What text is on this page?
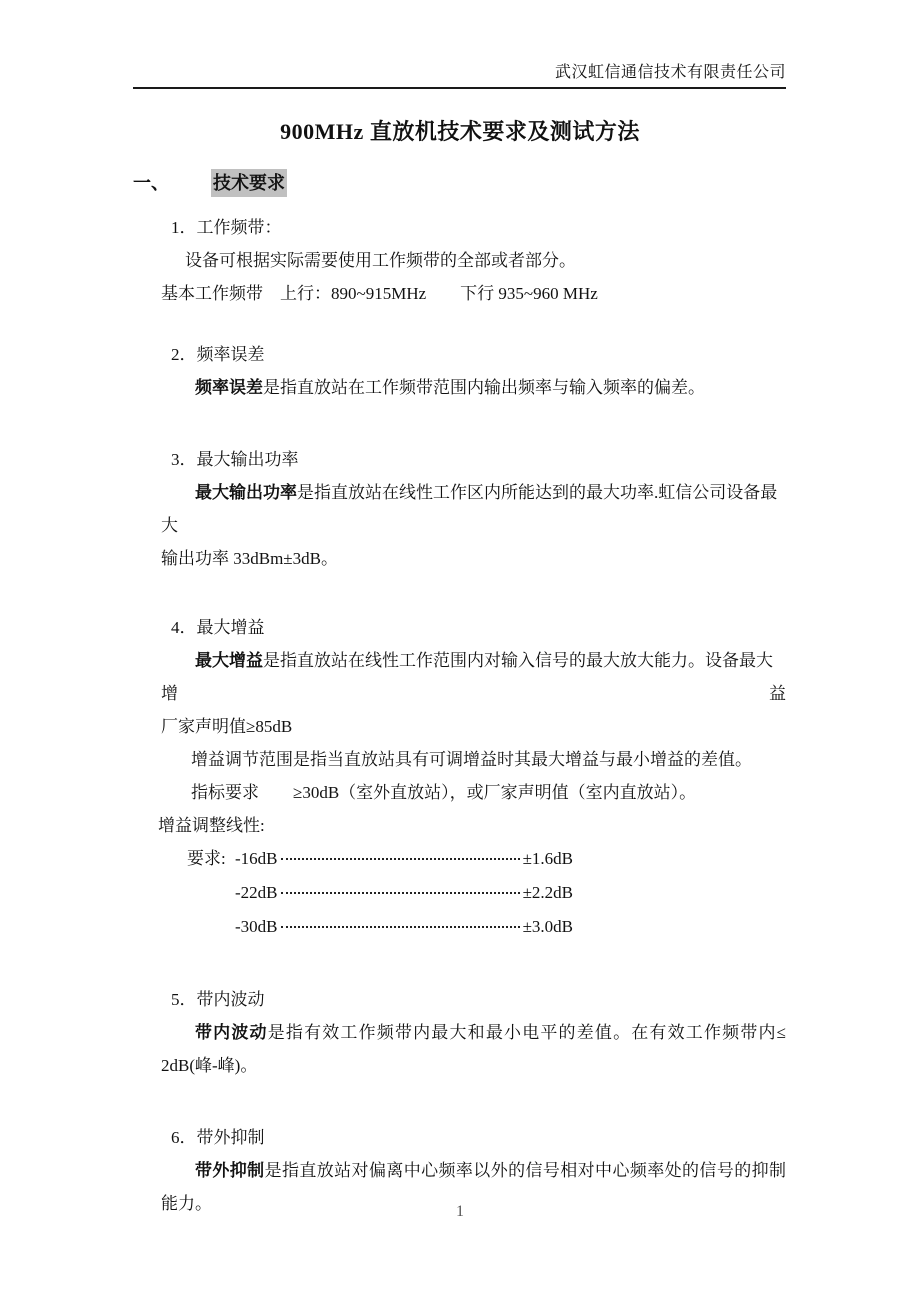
武汉虹信通信技术有限责任公司
900MHz 直放机技术要求及测试方法
一、 技术要求
1．工作频带：
设备可根据实际需要使用工作频带的全部或者部分。
基本工作频带　上行：890~915MHz　　下行 935~960 MHz
2．频率误差
频率误差是指直放站在工作频带范围内输出频率与输入频率的偏差。
3．最大输出功率
最大输出功率是指直放站在线性工作区内所能达到的最大功率.虹信公司设备最大
输出功率 33dBm±3dB。
4．最大增益
最大增益是指直放站在线性工作范围内对输入信号的最大放大能力。设备最大增益
厂家声明值≥85dB
增益调节范围是指当直放站具有可调增益时其最大增益与最小增益的差值。
指标要求　　≥30dB（室外直放站），或厂家声明值（室内直放站）。
增益调整线性:
要求: -16dB	±1.6dB
-22dB	±2.2dB
-30dB	±3.0dB
5．带内波动
带内波动是指有效工作频带内最大和最小电平的差值。在有效工作频带内≤
2dB(峰-峰)。
6．带外抑制
带外抑制是指直放站对偏离中心频率以外的信号相对中心频率处的信号的抑制
能力。	1
